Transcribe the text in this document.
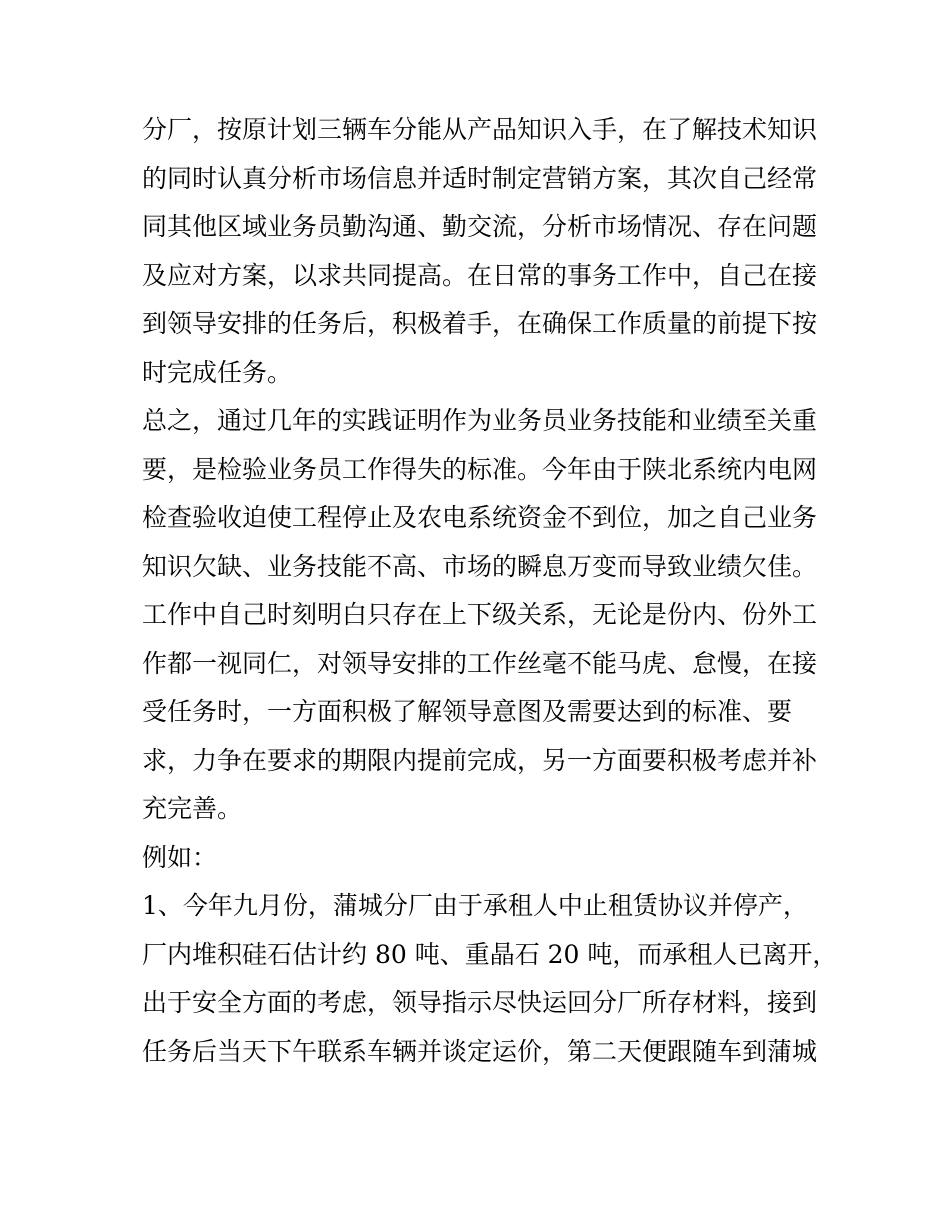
分厂，按原计划三辆车分能从产品知识入手，在了解技术知识
的同时认真分析市场信息并适时制定营销方案，其次自己经常
同其他区域业务员勤沟通、勤交流，分析市场情况、存在问题
及应对方案，以求共同提高。在日常的事务工作中，自己在接
到领导安排的任务后，积极着手，在确保工作质量的前提下按
时完成任务。
总之，通过几年的实践证明作为业务员业务技能和业绩至关重
要，是检验业务员工作得失的标准。今年由于陕北系统内电网
检查验收迫使工程停止及农电系统资金不到位，加之自己业务
知识欠缺、业务技能不高、市场的瞬息万变而导致业绩欠佳。
工作中自己时刻明白只存在上下级关系，无论是份内、份外工
作都一视同仁，对领导安排的工作丝毫不能马虎、怠慢，在接
受任务时，一方面积极了解领导意图及需要达到的标准、要
求，力争在要求的期限内提前完成，另一方面要积极考虑并补
充完善。
例如：
1、今年九月份，蒲城分厂由于承租人中止租赁协议并停产，
厂内堆积硅石估计约 80 吨、重晶石 20 吨，而承租人已离开，
出于安全方面的考虑，领导指示尽快运回分厂所存材料，接到
任务后当天下午联系车辆并谈定运价，第二天便跟随车到蒲城
